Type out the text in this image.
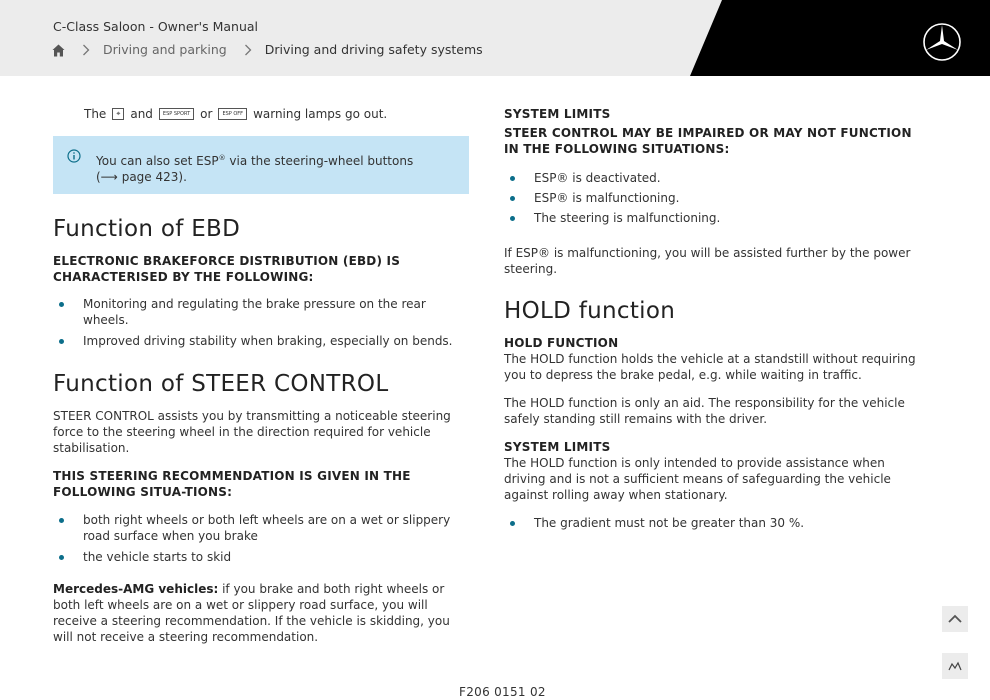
C-Class Saloon - Owner's Manual
Driving and parking	Driving and driving safety systems
The	⎈ and	ESP SPORT or	ESP OFF warning lamps go out.
You can also set ESP® via the steering-wheel buttons
(⟶ page 423).
Function of EBD
ELECTRONIC BRAKEFORCE DISTRIBUTION (EBD) IS CHARACTERISED BY THE FOLLOWING:
Monitoring and regulating the brake pressure on the rear wheels.
Improved driving stability when braking, especially on bends.
Function of STEER CONTROL

STEER CONTROL assists you by transmitting a noticeable steering force to the steering wheel in the direction required for vehicle stabilisation.

THIS STEERING RECOMMENDATION IS GIVEN IN THE FOLLOWING SITUA-TIONS:
both right wheels or both left wheels are on a wet or slippery road surface when you brake
the vehicle starts to skid

Mercedes-AMG vehicles: if you brake and both right wheels or both left wheels are on a wet or slippery road surface, you will receive a steering recommendation. If the vehicle is skidding, you will not receive a steering recommendation.

SYSTEM LIMITS
STEER CONTROL MAY BE IMPAIRED OR MAY NOT FUNCTION IN THE FOLLOWING SITUATIONS:
ESP® is deactivated.
ESP® is malfunctioning.
The steering is malfunctioning.

If ESP® is malfunctioning, you will be assisted further by the power steering.

HOLD function
HOLD FUNCTION

The HOLD function holds the vehicle at a standstill without requiring you to depress the brake pedal, e.g. while waiting in traffic.

The HOLD function is only an aid. The responsibility for the vehicle safely standing still remains with the driver.

SYSTEM LIMITS

The HOLD function is only intended to provide assistance when driving and is not a sufficient means of safeguarding the vehicle against rolling away when stationary.

The gradient must not be greater than 30 %.
F206 0151 02
